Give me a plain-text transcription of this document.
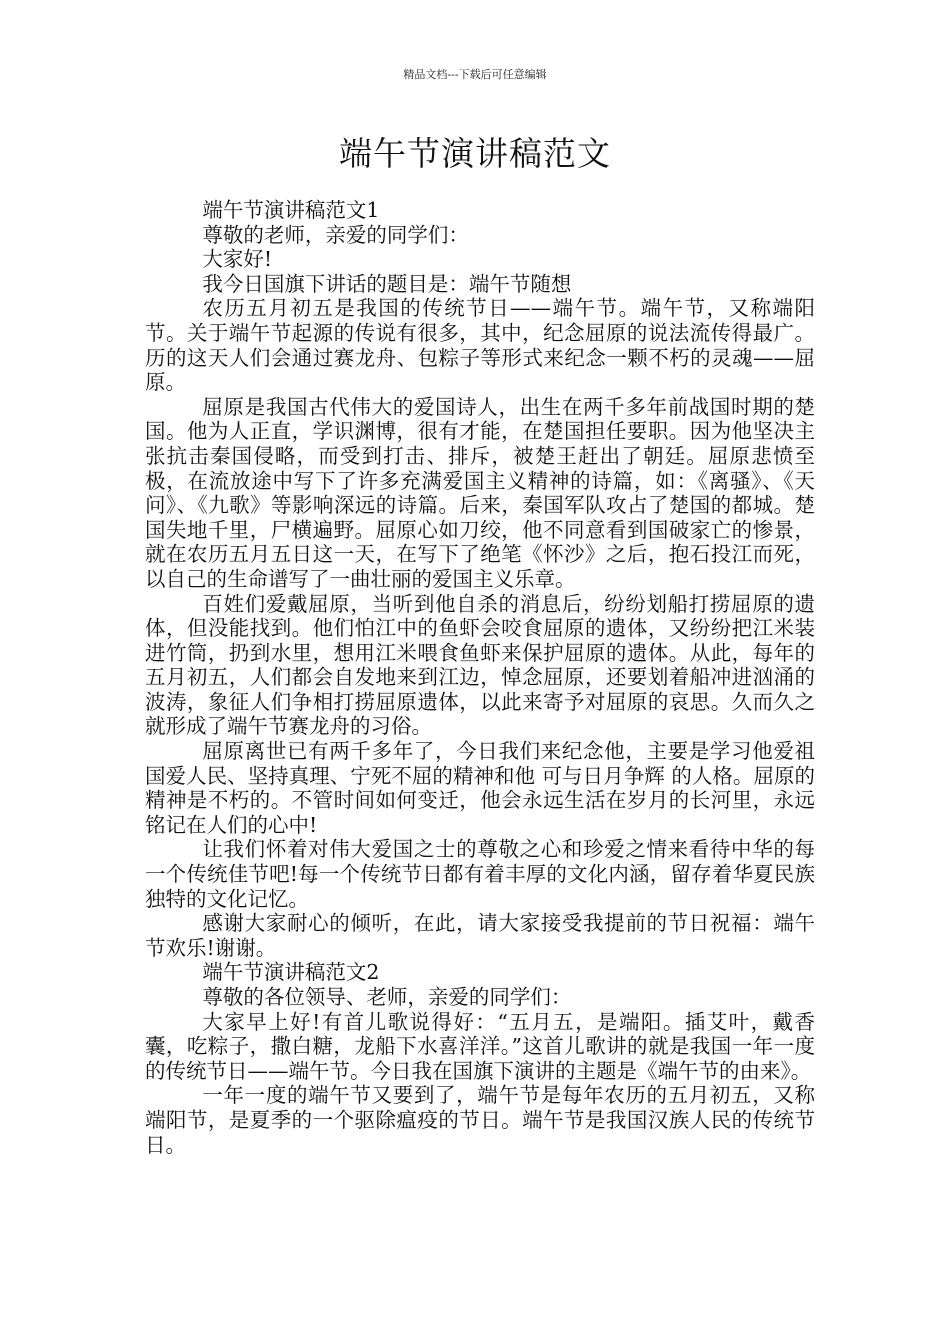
精品文档---下载后可任意编辑
端午节演讲稿范文

端午节演讲稿范文1

尊敬的老师，亲爱的同学们：

大家好!

我今日国旗下讲话的题目是：端午节随想

农历五月初五是我国的传统节日——端午节。端午节，又称端阳节。关于端午节起源的传说有很多，其中，纪念屈原的说法流传得最广。历的这天人们会通过赛龙舟、包粽子等形式来纪念一颗不朽的灵魂——屈原。

屈原是我国古代伟大的爱国诗人，出生在两千多年前战国时期的楚国。他为人正直，学识渊博，很有才能，在楚国担任要职。因为他坚决主张抗击秦国侵略，而受到打击、排斥，被楚王赶出了朝廷。屈原悲愤至极，在流放途中写下了许多充满爱国主义精神的诗篇，如：《离骚》、《天问》、《九歌》等影响深远的诗篇。后来，秦国军队攻占了楚国的都城。楚国失地千里，尸横遍野。屈原心如刀绞，他不同意看到国破家亡的惨景，就在农历五月五日这一天，在写下了绝笔《怀沙》之后，抱石投江而死，以自己的生命谱写了一曲壮丽的爱国主义乐章。

百姓们爱戴屈原，当听到他自杀的消息后，纷纷划船打捞屈原的遗体，但没能找到。他们怕江中的鱼虾会咬食屈原的遗体，又纷纷把江米装进竹筒，扔到水里，想用江米喂食鱼虾来保护屈原的遗体。从此，每年的五月初五，人们都会自发地来到江边，悼念屈原，还要划着船冲进汹涌的波涛，象征人们争相打捞屈原遗体，以此来寄予对屈原的哀思。久而久之就形成了端午节赛龙舟的习俗。

屈原离世已有两千多年了，今日我们来纪念他，主要是学习他爱祖国爱人民、坚持真理、宁死不屈的精神和他 可与日月争辉 的人格。屈原的精神是不朽的。不管时间如何变迁，他会永远生活在岁月的长河里，永远铭记在人们的心中!

让我们怀着对伟大爱国之士的尊敬之心和珍爱之情来看待中华的每一个传统佳节吧!每一个传统节日都有着丰厚的文化内涵，留存着华夏民族独特的文化记忆。

感谢大家耐心的倾听，在此，请大家接受我提前的节日祝福：端午节欢乐!谢谢。

端午节演讲稿范文2

尊敬的各位领导、老师，亲爱的同学们：

大家早上好!有首儿歌说得好：“五月五，是端阳。插艾叶，戴香囊，吃粽子，撒白糖，龙船下水喜洋洋。”这首儿歌讲的就是我国一年一度的传统节日——端午节。今日我在国旗下演讲的主题是《端午节的由来》。

一年一度的端午节又要到了，端午节是每年农历的五月初五，又称端阳节，是夏季的一个驱除瘟疫的节日。端午节是我国汉族人民的传统节日。
